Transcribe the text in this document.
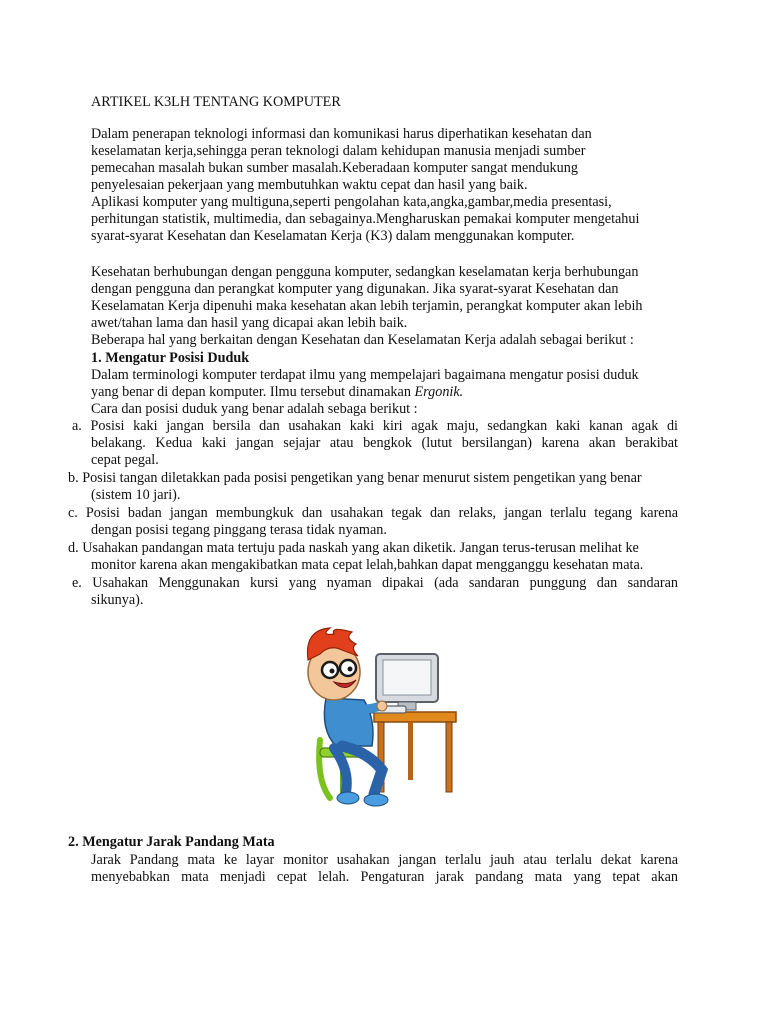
ARTIKEL K3LH TENTANG KOMPUTER
Dalam penerapan teknologi informasi dan komunikasi harus diperhatikan kesehatan dan
keselamatan kerja,sehingga peran teknologi dalam kehidupan manusia menjadi sumber
pemecahan masalah bukan sumber masalah.Keberadaan komputer sangat mendukung
penyelesaian pekerjaan yang membutuhkan waktu cepat dan hasil yang baik.
Aplikasi komputer yang multiguna,seperti pengolahan kata,angka,gambar,media presentasi,
perhitungan statistik, multimedia, dan sebagainya.Mengharuskan pemakai komputer mengetahui
syarat-syarat Kesehatan dan Keselamatan Kerja (K3) dalam menggunakan komputer.
Kesehatan berhubungan dengan pengguna komputer, sedangkan keselamatan kerja berhubungan
dengan pengguna dan perangkat komputer yang digunakan. Jika syarat-syarat Kesehatan dan
Keselamatan Kerja dipenuhi maka kesehatan akan lebih terjamin, perangkat komputer akan lebih
awet/tahan lama dan hasil yang dicapai akan lebih baik.
Beberapa hal yang berkaitan dengan Kesehatan dan Keselamatan Kerja adalah sebagai berikut :
1. Mengatur Posisi Duduk
Dalam terminologi komputer terdapat ilmu yang mempelajari bagaimana mengatur posisi duduk
yang benar di depan komputer. Ilmu tersebut dinamakan Ergonik.
Cara dan posisi duduk yang benar adalah sebaga berikut :
a. Posisi kaki jangan bersila dan usahakan kaki kiri agak maju, sedangkan kaki kanan agak di
belakang. Kedua kaki jangan sejajar atau bengkok (lutut bersilangan) karena akan berakibat
cepat pegal.
b. Posisi tangan diletakkan pada posisi pengetikan yang benar menurut sistem pengetikan yang benar
(sistem 10 jari).
c. Posisi badan jangan membungkuk dan usahakan tegak dan relaks, jangan terlalu tegang karena
dengan posisi tegang pinggang terasa tidak nyaman.
d. Usahakan pandangan mata tertuju pada naskah yang akan diketik. Jangan terus-terusan melihat ke
monitor karena akan mengakibatkan mata cepat lelah,bahkan dapat mengganggu kesehatan mata.
e. Usahakan Menggunakan kursi yang nyaman dipakai (ada sandaran punggung dan sandaran
sikunya).
2. Mengatur Jarak Pandang Mata
Jarak Pandang mata ke layar monitor usahakan jangan terlalu jauh atau terlalu dekat karena
menyebabkan mata menjadi cepat lelah. Pengaturan jarak pandang mata yang tepat akan
